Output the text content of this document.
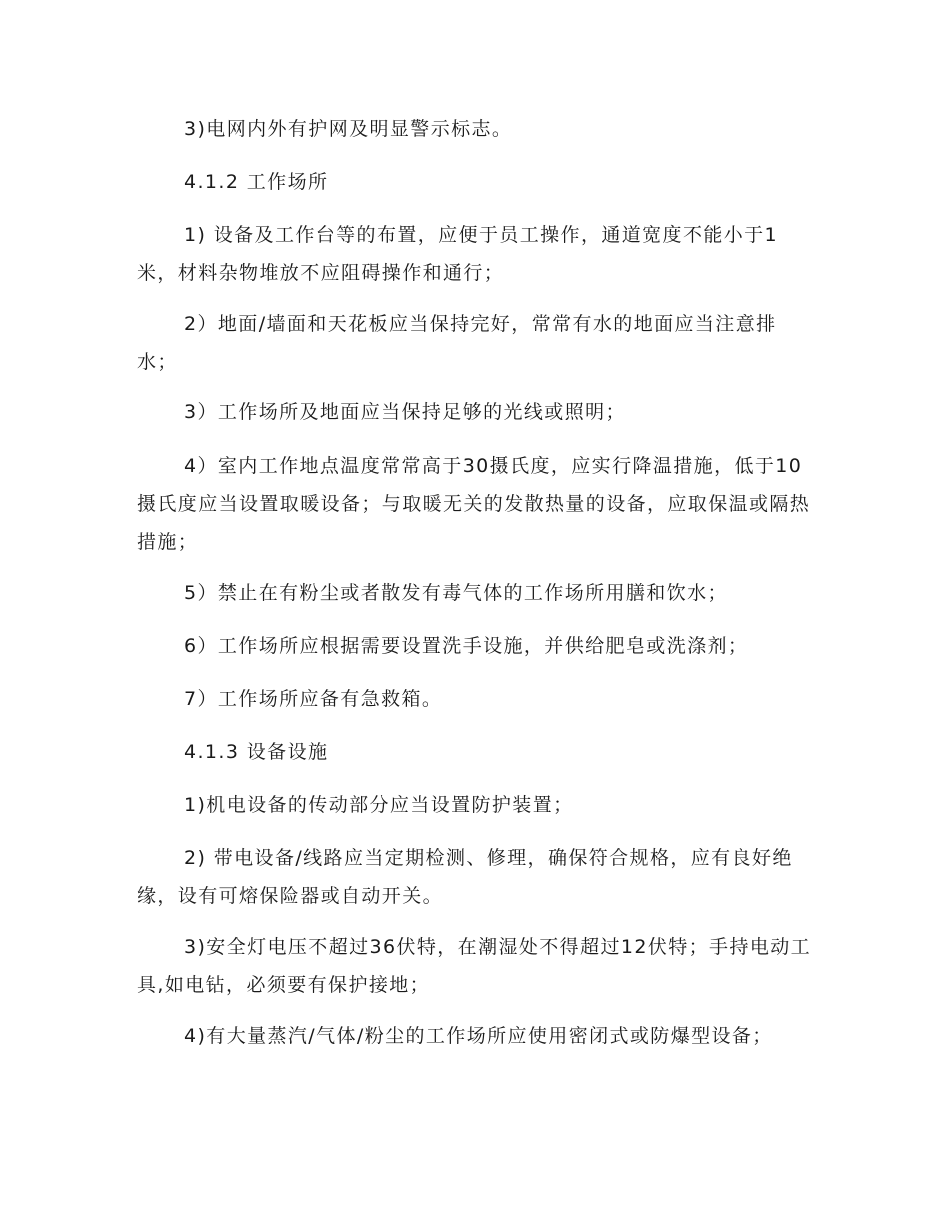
3)电网内外有护网及明显警示标志。

4.1.2 工作场所

1) 设备及工作台等的布置，应便于员工操作，通道宽度不能小于1米，材料杂物堆放不应阻碍操作和通行；

2）地面/墙面和天花板应当保持完好，常常有水的地面应当注意排水；

3）工作场所及地面应当保持足够的光线或照明；

4）室内工作地点温度常常高于30摄氏度，应实行降温措施，低于10摄氏度应当设置取暖设备；与取暖无关的发散热量的设备，应取保温或隔热措施；

5）禁止在有粉尘或者散发有毒气体的工作场所用膳和饮水；

6）工作场所应根据需要设置洗手设施，并供给肥皂或洗涤剂；

7）工作场所应备有急救箱。

4.1.3 设备设施

1)机电设备的传动部分应当设置防护装置；

2) 带电设备/线路应当定期检测、修理，确保符合规格，应有良好绝缘，设有可熔保险器或自动开关。

3)安全灯电压不超过36伏特，在潮湿处不得超过12伏特；手持电动工具,如电钻，必须要有保护接地；

4)有大量蒸汽/气体/粉尘的工作场所应使用密闭式或防爆型设备；
